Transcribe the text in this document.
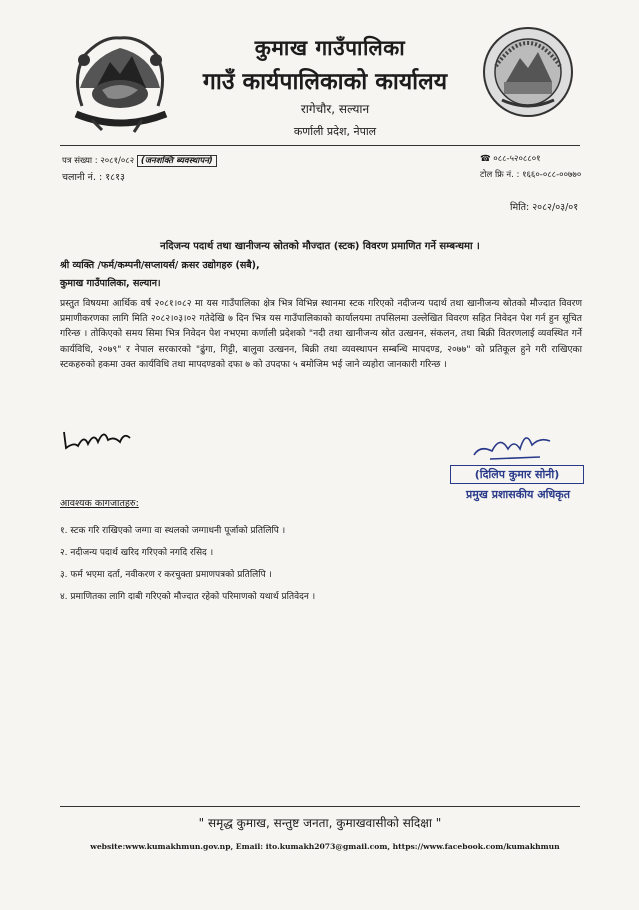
कुमाख गाउँपालिका
गाउँ कार्यपालिकाको कार्यालय
रागेचौर, सल्यान
कर्णाली प्रदेश, नेपाल
पत्र संख्या : २०८१/०८२ (जनशक्ति ब्यवस्थापन)
चलानी नं. : १८१३
☎ ०८८-५२०८८०१
टोल फ्रि नं. : १६६०-०८८-००७७०
मिति: २०८२/०३/०१
नदिजन्य पदार्थ तथा खानीजन्य स्रोतको मौज्दात (स्टक) विवरण प्रमाणित गर्ने सम्बन्धमा ।
श्री व्यक्ति /फर्म/कम्पनी/सप्लायर्स/ क्रसर उद्योगहरु (सबै),
कुमाख गाउँपालिका, सल्यान।
प्रस्तुत विषयमा आर्थिक वर्ष २०८१।०८२ मा यस गाउँपालिका क्षेत्र भित्र विभिन्न स्थानमा स्टक गरिएको नदीजन्य पदार्थ तथा खानीजन्य स्रोतको मौज्दात विवरण प्रमाणीकरणका लागि मिति २०८२।०३।०२ गतेदेखि ७ दिन भित्र यस गाउँपालिकाको कार्यालयमा तपसिलमा उल्लेखित विवरण सहित निवेदन पेश गर्न हुन सूचित गरिन्छ । तोकिएको समय सिमा भित्र निवेदन पेश नभएमा कर्णाली प्रदेशको "नदी तथा खानीजन्य स्रोत उत्खनन, संकलन, तथा बिक्री वितरणलाई व्यवस्थित गर्ने कार्यविधि, २०७९" र नेपाल सरकारको "ढुंगा, गिट्टी, बालुवा उत्खनन, बिक्री तथा व्यवस्थापन सम्बन्धि मापदण्ड, २०७७" को प्रतिकूल हुने गरी राखिएका स्टकहरुको हकमा उक्त कार्यविधि तथा मापदण्डको दफा ७ को उपदफा ५ बमोजिम भई जाने व्यहोरा जानकारी गरिन्छ ।
(दिलिप कुमार सोनी)
प्रमुख प्रशासकीय अधिकृत
आवश्यक कागजातहरु:
१. स्टक गरि राखिएको जग्गा वा स्थलको जग्गाधनी पूर्जाको प्रतिलिपि ।
२. नदीजन्य पदार्थ खरिद गरिएको नगदि रसिद ।
३. फर्म भएमा दर्ता, नवीकरण र करचुक्ता प्रमाणपत्रको प्रतिलिपि ।
४. प्रमाणितका लागि दाबी गरिएको मौज्दात रहेको परिमाणको यथार्थ प्रतिवेदन ।
" समृद्ध कुमाख, सन्तुष्ट जनता, कुमाखवासीको सदिक्षा "
website:www.kumakhmun.gov.np, Email: ito.kumakh2073@gmail.com, https://www.facebook.com/kumakhmun
